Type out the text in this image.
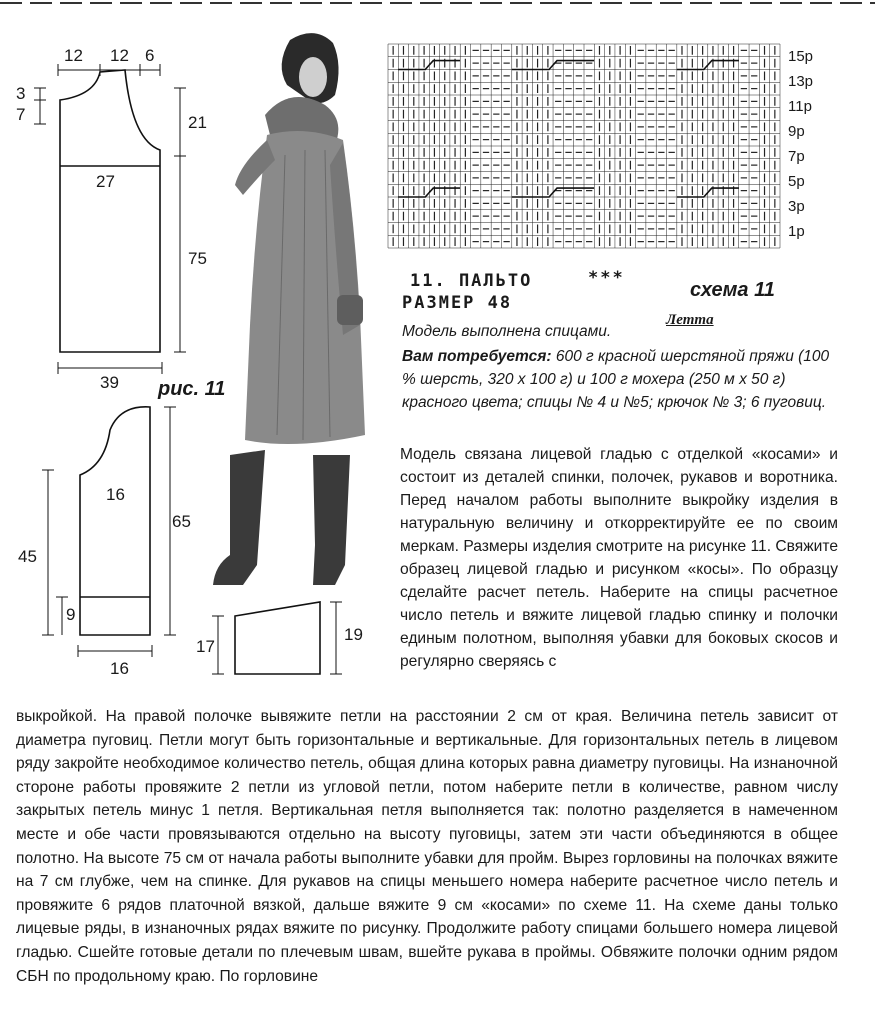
12 12 6
3
7	21
27
75
39 рис. 11
16
65
45
9
16
17
19
15р
13р
11р
9р
7р
5р
3р
1р
11. ПАЛЬТО	***
РАЗМЕР 48
схема 11
Летта
Модель выполнена спицами.
Вам потребуется: 600 г красной шерстяной пряжи (100 % шерсть, 320 х 100 г) и 100 г мохера (250 м х 50 г) красного цвета; спицы № 4 и №5; крючок № 3; 6 пуговиц.
Модель связана лицевой гладью с отделкой «косами» и состоит из деталей спинки, полочек, рукавов и воротника. Перед началом работы выполните выкройку изделия в натуральную величину и откорректируйте ее по своим меркам. Размеры изделия смотрите на рисунке 11. Свяжите образец лицевой гладью и рисунком «косы». По образцу сделайте расчет петель. Наберите на спицы расчетное число петель и вяжите лицевой гладью спинку и полочки единым полотном, выполняя убавки для боковых скосов и регулярно сверяясь с
выкройкой. На правой полочке вывяжите петли на расстоянии 2 см от края. Величина петель зависит от диаметра пуговиц. Петли могут быть горизонтальные и вертикальные. Для горизонтальных петель в лицевом ряду закройте необходимое количество петель, общая длина которых равна диаметру пуговицы. На изнаночной стороне работы провяжите 2 петли из угловой петли, потом наберите петли в количестве, равном числу закрытых петель минус 1 петля. Вертикальная петля выполняется так: полотно разделяется в намеченном месте и обе части провязываются отдельно на высоту пуговицы, затем эти части объединяются в общее полотно. На высоте 75 см от начала работы выполните убавки для пройм. Вырез горловины на полочках вяжите на 7 см глубже, чем на спинке. Для рукавов на спицы меньшего номера наберите расчетное число петель и провяжите 6 рядов платочной вязкой, дальше вяжите 9 см «косами» по схеме 11. На схеме даны только лицевые ряды, в изнаночных рядах вяжите по рисунку. Продолжите работу спицами большего номера лицевой гладью. Сшейте готовые детали по плечевым швам, вшейте рукава в проймы. Обвяжите полочки одним рядом СБН по продольному краю. По горловине
